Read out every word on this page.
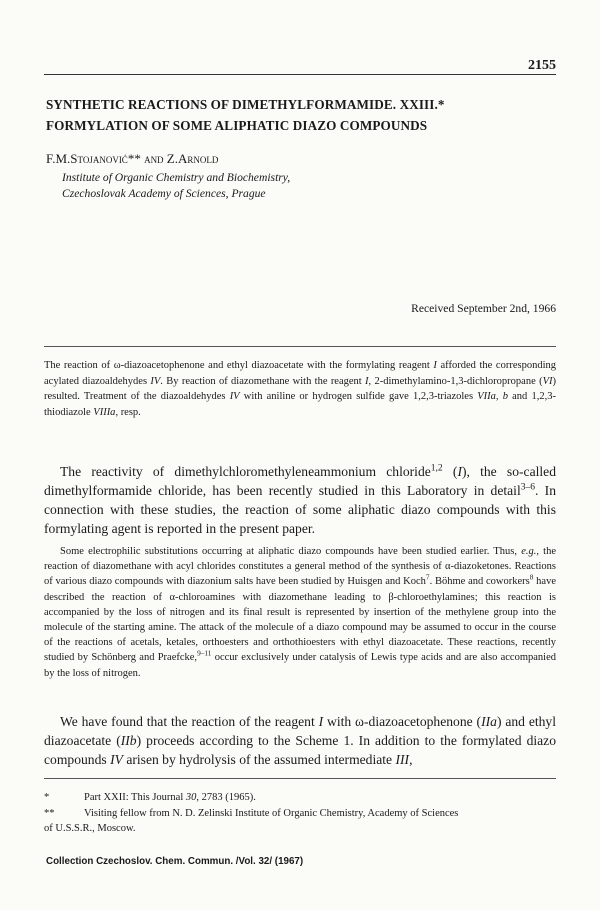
2155
SYNTHETIC REACTIONS OF DIMETHYLFORMAMIDE. XXIII.*
FORMYLATION OF SOME ALIPHATIC DIAZO COMPOUNDS
F.M.Stojanović** and Z.Arnold
Institute of Organic Chemistry and Biochemistry,
Czechoslovak Academy of Sciences, Prague
Received September 2nd, 1966
The reaction of ω-diazoacetophenone and ethyl diazoacetate with the formylating reagent I afforded the corresponding acylated diazoaldehydes IV. By reaction of diazomethane with the reagent I, 2-dimethylamino-1,3-dichloropropane (VI) resulted. Treatment of the diazoaldehydes IV with aniline or hydrogen sulfide gave 1,2,3-triazoles VIIa, b and 1,2,3-thiodiazole VIIIa, resp.

The reactivity of dimethylchloromethyleneammonium chloride$^{1,2}$ (I), the so-called dimethylformamide chloride, has been recently studied in this Laboratory in detail$^{3-6}$. In connection with these studies, the reaction of some aliphatic diazo compounds with this formylating agent is reported in the present paper.

Some electrophilic substitutions occurring at aliphatic diazo compounds have been studied earlier. Thus, e.g., the reaction of diazomethane with acyl chlorides constitutes a general method of the synthesis of α-diazoketones. Reactions of various diazo compounds with diazonium salts have been studied by Huisgen and Koch$^7$. Böhme and coworkers$^8$ have described the reaction of α-chloroamines with diazomethane leading to β-chloroethylamines; this reaction is accompanied by the loss of nitrogen and its final result is represented by insertion of the methylene group into the molecule of the starting amine. The attack of the molecule of a diazo compound may be assumed to occur in the course of the reactions of acetals, ketales, orthoesters and orthothioesters with ethyl diazoacetate. These reactions, recently studied by Schönberg and Praefcke,$^{9-11}$ occur exclusively under catalysis of Lewis type acids and are also accompanied by the loss of nitrogen.

We have found that the reaction of the reagent I with ω-diazoacetophenone (IIa) and ethyl diazoacetate (IIb) proceeds according to the Scheme 1. In addition to the formylated diazo compounds IV arisen by hydrolysis of the assumed intermediate III,

*	Part XXII: This Journal 30, 2783 (1965).
**	Visiting fellow from N. D. Zelinski Institute of Organic Chemistry, Academy of Sciences
of U.S.S.R., Moscow.
Collection Czechoslov. Chem. Commun. /Vol. 32/ (1967)
